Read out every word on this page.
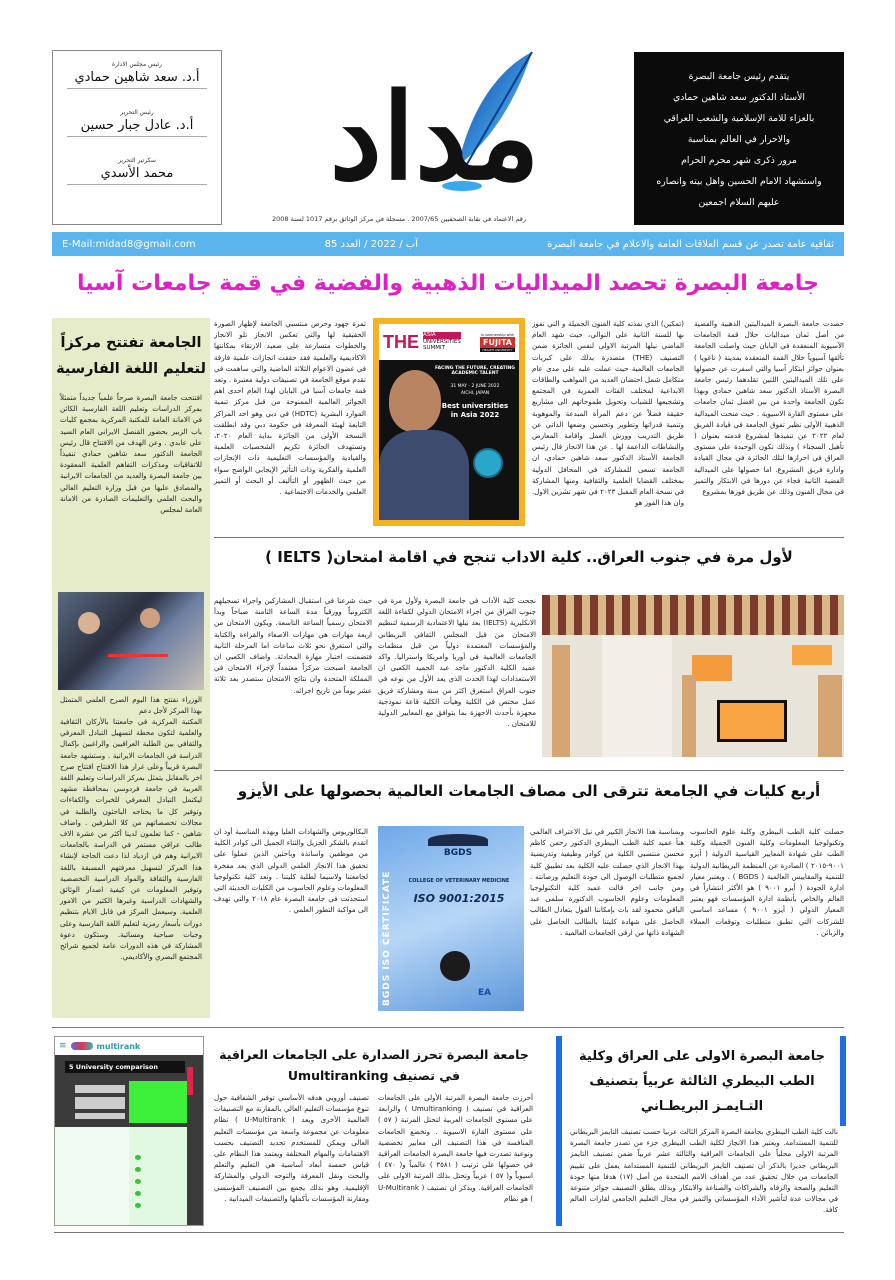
رئيس مجلس الادارة
أ.د. سعد شاهين حمادي
رئيس التحرير
أ.د. عادل جبار حسين
سكرتير التحرير
محمد الأسدي مداد
رقم الاعتماد في نقابة الصحفيين 2007/65 . مسجلة في مركز الوثائق برقم 1017 لسنة 2008
يتقدم رئيس جامعة البصرة
الأستاذ الدكتور سعد شاهين حمادي
بالعزاء للامة الإسلامية والشعب العراقي
والاحرار في العالم بمناسبة
مرور ذكرى شهر محرم الحرام
واستشهاد الامام الحسين واهل بيته وانصاره
عليهم السلام اجمعين
E-Mail:midad8@gmail.com	آب / 2022 / العدد 85	ثقافية عامة تصدر عن قسم العلاقات العامة والاعلام في جامعة البصرة
جامعة البصرة تحصد الميداليات الذهبية والفضية في قمة جامعات آسيا
حصدت جامعة البصرة الميداليتين الذهبية والفضية من أصل ثمان ميداليات خلال قمة الجامعات الآسيوية المنعقدة في اليابان حيث واصلت الجامعة تألقها آسيوياً خلال القمة المنعقدة بمدينة ( ناغويا ) بعنوان جوائز ابتكار آسيا والتي اسفرت عن حصولها على تلك الميداليتين اللتين تقلدهما رئيس جامعة البصرة الأستاذ الدكتور سعد شاهين حمادي وبهذا تكون الجامعة واحدة من بين افضل ثمان جامعات على مستوى القارة الاسيوية . حيث منحت الميدالية الذهبية الأولى نظير تفوق الجامعة في قيادة الفريق لعام ٢٠٢٢ عن تنفيذها لمشروع قدمته بعنوان ( تأهيل السجناء ) وبذلك تكون الوحيدة على مستوى العراق في احرازها لتلك الجائزة في مجال القيادة وادارة فريق المشروع. اما حصولها على الميدالية الفضية الثانية فجاء عن دورها في الابتكار والتميز في مجال الفنون وذلك عن طريق فوزها بمشروع
(تمكين) الذي نفذته كلية الفنون الجميلة و التي تفوز بها للسنة الثانية على التوالي، حيث شهد العام الماضي نيلها المرتبة الاولى لنفس الجائزة ضمن التصنيف (THE) متصدرة بذلك على كبريات الجامعات العالمية حيث عملت عليه على مدى عام متكامل شمل احتضان العديد من المواهب والطاقات الابداعية لمختلف الفئات العمرية في المجتمع وتشجيعها للشباب وتحويل طموحاتهم الى مشاريع حقيقة فضلاً عن دعم المرأة المبدعة والموهوبة وتنمية قدراتها وتطوير وتحسين وضعها الذاتي عن طريق التدريب وورش العمل واقامة المعارض والنشاطات الداعمة لها . عن هذا الانجاز قال رئيس الجامعة الأستاذ الدكتور سعد شاهين حمادي، ان الجامعة تسعى للمشاركة في المحافل الدولية بمختلف القضايا العلمية والثقافية ومنها المشاركة في نسخة العام المقبل ٢٠٢٣ في شهر تشرين الاول. وان هذا الفوز هو
ثمرة جهود وحرص منتسبي الجامعة لإظهار الصورة الحقيقية لها والتي تعكس الانجاز تلو الانجاز والخطوات متسارعة على صعيد الارتقاء بمكانتها الاكاديمية والعلمية فقد حققت انجازات علمية فارقة في غضون الاعوام الثلاثة الماضية والتي ساهمت في تقدم موقع الجامعة في تصنيفات دولية معتبرة . وتعد قمة جامعات آسيا في اليابان لهذا العام احدى اهم الجوائز العالمية الممنوحة من قبل مركز تنمية الموارد البشرية (HDTC) في دبي وهو احد المراكز التابعة لهيئة المعرفة في حكومة دبي وقد انطلقت النسخة الأولى من الجائزة بداية العام ٢٠٢٠، وتستهدف الجائزة تكريم الشخصيات العلمية والقيادية والمؤسسات التعليمية ذات الإنجازات العلمية والفكرية وذات التأثير الإيجابي الواضح سواء من حيث الظهور أو التأليف أو البحث أو التميز العلمي والخدمات الاجتماعية .
THE ASIA
UNIVERSITIES
SUMMIT
In partnership with
FUJITA
HEALTH UNIVERSITY
FACING THE FUTURE, CREATING ACADEMIC TALENT
31 MAY - 2 JUNE 2022
AICHI, JAPAN
Best universities in Asia 2022
الجامعة تفتتح مركزاً
لتعليم اللغة الفارسية
افتتحت جامعة البصرة صرحاً علمياً جديداً متمثلاً بمركز الدراسات وتعليم اللغة الفارسية الكائن في الامانة العامة للمكتبة المركزية بمجمع كليات باب الزبير بحضور القنصل الايراني العام السيد علي عابدي . وعن الهدف من الافتتاح قال رئيس الجامعة الدكتور سعد شاهين حمادي تنفيذاً للاتفاقيات ومذكرات التفاهم العلمية المعقودة بين جامعة البصرة والعديد من الجامعات الايرانية والمصادق عليها من قبل وزارة التعليم العالي والبحث العلمي والتعليمات الصادرة من الامانة العامة لمجلس
الوزراء نفتتح هذا اليوم الصرح العلمي المتمثل بهذا المركز لأجل دعم
المكتبة المركزية في جامعتنا بالأركان الثقافية والعلمية لتكون محطة لتسهيل التبادل المعرفي والثقافي بين الطلبة العراقيين والراغبين بإكمال الدراسة في الجامعات الايرانية . وستشهد جامعة البصرة قريباً وعلى غرار هذا الافتتاح افتتاح صرح اخر بالمقابل يتمثل بمركز الدراسات وتعليم اللغة العربية في جامعة فردوسي بمحافظة مشهد ليكتمل التبادل المعرفي للخبرات والكفاءات وتوفير كل ما يحتاجه الباحثون والطلبة في مجالات تخصصاتهم من كلا الطرفين . واضاف شاهين - كما تعلمون لدينا أكثر من عشرة الاف طالب عراقي مستمر في الدراسة بالجامعات الايرانية وهم في ازدياد لذا دعت الحاجة لإنشاء هذا المركز لتسهيل معرفتهم المسبقة باللغة الفارسية والثقافة والمواد الدراسية التخصصية وتوفير المعلومات عن كيفية اصدار الوثائق والشهادات الدراسية وغيرها الكثير من الامور العلمية. وسيعمل المركز في قابل الايام بتنظيم دورات بأسعار رمزية لتعليم اللغة الفارسية وعلى وجبات صباحية ومسائية. وستكون دعوة المشاركة في هذه الدورات عامة لجميع شرائح المجتمع البصري والأكاديمي.
لأول مرة في جنوب العراق.. كلية الاداب تنجح في اقامة امتحان( IELTS )
نجحت كلية الآداب في جامعة البصرة ولأول مرة في جنوب العراق من اجراء الامتحان الدولي لكفاءة اللغة الانكليزية (IELTS) بعد نيلها الاعتمادية الرسمية لتنظيم الامتحان من قبل المجلس الثقافي البريطاني والمؤسسات المعتمدة دولياً من قبل منظمات الجامعات العالمية في أوربا وامريكا واستراليا. واكد عميد الكلية الدكتور ماجد عبد الحميد الكعبي ان الاستعدادات لهذا الحدث الذي يعد الأول من نوعه في جنوب العراق استغرق اكثر من سنة ومشاركة فريق عمل مختص في الكلية وهيأت الكلية قاعة نموذجية مجهزة بأحدث الاجهزة بما يتوافق مع المعايير الدولية للامتحان .
حيث شرعنا في استقبال المشاركين واجراء تسجيلهم الكترونياً وورقياً مدة الساعة الثامنة صباحاً وبدأ الامتحان رسمياً الساعة التاسعة. ويكون الامتحان من اربعة مهارات هي مهارات الاصغاء والقراءة والكتابة والتي استغرق نحو ثلاث ساعات اما المرحلة الثانية فتضمنت اختبار مهارة المحادثة. واضاف الكعبي ان الجامعة اصبحت مركزاً معتمداً لإجراء الامتحان في المملكة المتحدة وان نتائج الامتحان ستصدر بعد ثلاثة عشر يوماً من تاريخ اجرائه.
أربع كليات في الجامعة تترقى الى مصاف الجامعات العالمية بحصولها على الأيزو
حصلت كلية الطب البيطري وكلية علوم الحاسوب وتكنولوجيا المعلومات وكلية الفنون الجميلة وكلية الطب على شهادة المعايير القياسية الدولية ( أيزو ٩٠٠١-٢٠١٥ ) الصادرة عن المنظمة البريطانية الدولية للتنمية والمقاييس العالمية ( BGDS ) . ويعتبر معيار ادارة الجودة ( أيزو ٩٠٠١ ) هو الأكثر انتشاراً في العالم والخاص بأنظمة ادارة المؤسسات فهو يعتبر المعيار الدولي ( أيزو ٩٠٠١ ) مساعد اساسي للشركات التي تطبق متطلبات وتوقعات العملاء والزبائن .
وبمناسبة هذا الانجاز الكبير في نيل الاعتراف العالمي هنأ عميد كلية الطب البيطري الدكتور رحمن كاظم محسن منتسبي الكلية من كوادر وظيفية وتدريسية بهذا الانجاز الذي حصلت عليه الكلية بعد تطبيق كلية لجميع متطلبات الوصول الى جودة التعليم ورصانته . ومن جانب اخر قالت عميد كلية التكنولوجيا المعلومات وعلوم الحاسوب الدكتورة سلمى عبد الباقي محمود لقد بات بإمكاننا القول بتعادل الطالب الحاصل على شهادة كليتنا بالطالب الحاصل على الشهادة ذاتها من ارقى الجامعات العالمية .
البكالوريوس والشهادات العليا وبهذه المناسبة أود ان اتقدم بالشكر الجزيل والثناء الجميل الى كوادر الكلية من موظفين واساتذة وباحثين الذين عملوا على تحقيق هذا الانجاز العلمي الدولي الذي يعد مفخرة لجامعتنا ولاسيما لطلبة كليتنا . وتعد كلية تكنولوجيا المعلومات وعلوم الحاسوب من الكليات الحديثة التي استحدثت في جامعة البصرة عام ٢٠١٨ والتي تهدف الى مواكبة التطور العلمي . BGDS ISO CERTIFICATE
BGDS
COLLEGE OF VETERINARY MEDICINE
ISO 9001:2015
EA
≡	multirank
5 University comparison
جامعة البصرة تحرز الصدارة على الجامعات العراقية
في تصنيف Umultiranking
أحرزت جامعة البصرة المرتبة الأولى على الجامعات العراقية في تصنيف ( Umultiranking ) والرابعة على مستوى الجامعات العربية لتحتل المرتبة ( ٥٧ ) على مستوى القارة الاسيوية . وتخضع الجامعات المنافسة في هذا التصنيف الى معايير تخصصية ونوعية تصدرت فيها جامعة البصرة الجامعات العراقية في حصولها على ترتيب ( ٣٥٨١ ) عالمياً و( ٤٧٠ ) اسيوياً و( ٥٧ ) عربياً وتحتل بذلك المرتبة الاولى على الجامعات العراقية. ويذكر ان تصنيف ( U-Multirank ) هو نظام
تصنيف أوروبي هدفه الأساسي توفير الشفافية حول تنوع مؤسسات التعليم العالي بالمقارنة مع التصنيفات العالمية الأخرى ويعد ( U-Multirank ) نظام معلومات عن مجموعة واسعة من مؤسسات التعليم العالي ويمكن للمستخدم تحديد التصنيف بحسب الاهتمامات والمهام المختلفة ويعتمد هذا النظام على قياس خمسة أبعاد أساسية هي التعليم والتعلم والبحث ونقل المعرفة والتوجه الدولي والمشاركة الإقليمية. وهو بذلك يجمع بين التصنيف المؤسسي ومقارنة المؤسسات بأكملها والتصنيفات الميدانية .
جامعة البصرة الاولى على العراق وكلية
الطب البيطري الثالثة عربياً بتصنيف
التـايمـز البريطـاني
نالت كلية الطب البيطري بجامعة البصرة المركز الثالث عربيا حسب تصنيف التايمز البريطاني للتنمية المستدامة. ويعتبر هذا الانجاز لكلية الطب البيطري جزء من تصدر جامعة البصرة المرتبة الاولى محلياً على الجامعات العراقية والثالثة عشر عربياً ضمن تصنيف التايمز البريطاني جديرا بالذكر أن تصنيف التايمز البريطاني للتنمية المستدامة يعمل على تقييم الجامعات من خلال تحقيق عدد من أهداف الامم المتحدة من أصل (١٧) هدفا منها جودة التعليم والصحة والرفاه والشراكات والصناعة والابتكار وبذلك يطلق التصنيف جوائز متنوعة في مجالات عدة لتأشير الأداء المؤسساتي والتميز في مجال التعليم الجامعي لقارات العالم كافة.
